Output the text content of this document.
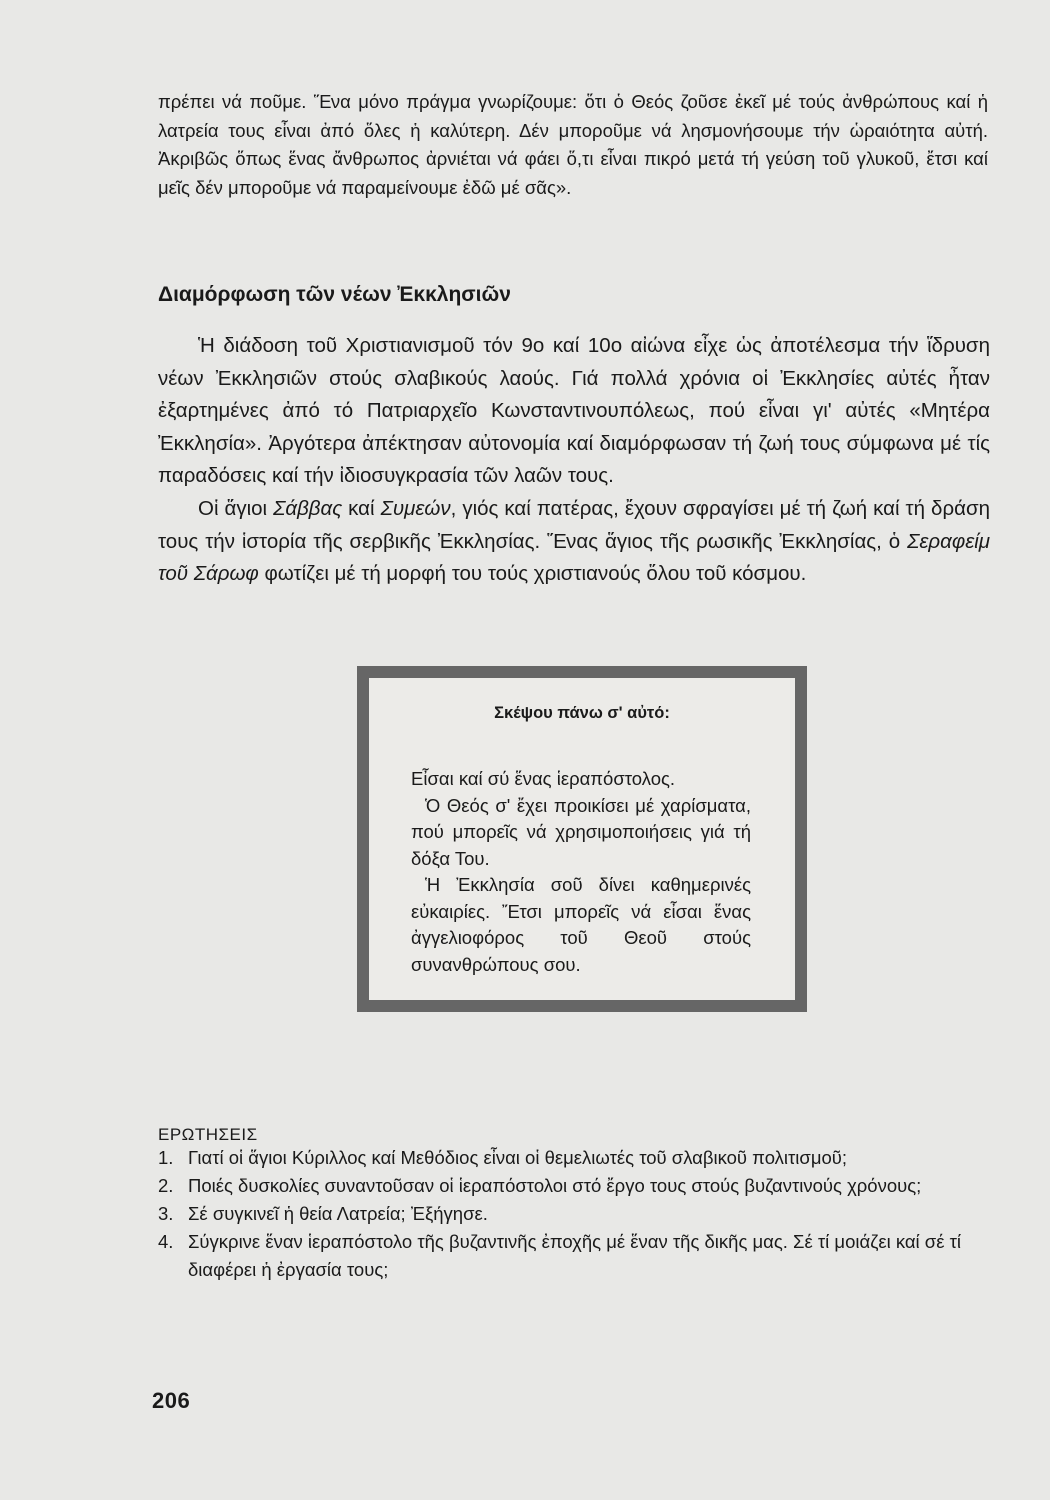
πρέπει νά ποῦμε. Ἕνα μόνο πράγμα γνωρίζουμε: ὅτι ὁ Θεός ζοῦσε ἐκεῖ μέ τούς ἀνθρώπους καί ἡ λατρεία τους εἶναι ἀπό ὅλες ἡ καλύτερη. Δέν μποροῦμε νά λησμονήσουμε τήν ὡραιότητα αὐτή. Ἀκριβῶς ὅπως ἕνας ἄνθρωπος ἀρνιέται νά φάει ὅ,τι εἶναι πικρό μετά τή γεύση τοῦ γλυκοῦ, ἔτσι καί μεῖς δέν μποροῦμε νά παραμείνουμε ἐδῶ μέ σᾶς».

Διαμόρφωση τῶν νέων Ἐκκλησιῶν

Ἡ διάδοση τοῦ Χριστιανισμοῦ τόν 9ο καί 10ο αἰώνα εἶχε ὡς ἀποτέλεσμα τήν ἵδρυση νέων Ἐκκλησιῶν στούς σλαβικούς λαούς. Γιά πολλά χρόνια οἱ Ἐκκλησίες αὐτές ἦταν ἐξαρτημένες ἀπό τό Πατριαρχεῖο Κωνσταντινουπόλεως, πού εἶναι γι' αὐτές «Μητέρα Ἐκκλησία». Ἀργότερα ἀπέκτησαν αὐτονομία καί διαμόρφωσαν τή ζωή τους σύμφωνα μέ τίς παραδόσεις καί τήν ἰδιοσυγκρασία τῶν λαῶν τους.

Οἱ ἅγιοι Σάββας καί Συμεών, γιός καί πατέρας, ἔχουν σφραγίσει μέ τή ζωή καί τή δράση τους τήν ἱστορία τῆς σερβικῆς Ἐκκλησίας. Ἕνας ἅγιος τῆς ρωσικῆς Ἐκκλησίας, ὁ Σεραφείμ τοῦ Σάρωφ φωτίζει μέ τή μορφή του τούς χριστιανούς ὅλου τοῦ κόσμου.

Σκέψου πάνω σ' αὐτό:

Εἶσαι καί σύ ἕνας ἱεραπόστολος.

Ὁ Θεός σ' ἔχει προικίσει μέ χαρίσματα, πού μπορεῖς νά χρησιμοποιήσεις γιά τή δόξα Του.

Ἡ Ἐκκλησία σοῦ δίνει καθημερινές εὐκαιρίες. Ἔτσι μπορεῖς νά εἶσαι ἕνας ἀγγελιοφόρος τοῦ Θεοῦ στούς συνανθρώπους σου.

ΕΡΩΤΗΣΕΙΣ
1. Γιατί οἱ ἅγιοι Κύριλλος καί Μεθόδιος εἶναι οἱ θεμελιωτές τοῦ σλαβικοῦ πολιτισμοῦ;
2. Ποιές δυσκολίες συναντοῦσαν οἱ ἱεραπόστολοι στό ἔργο τους στούς βυζαντινούς χρόνους;
3. Σέ συγκινεῖ ἡ θεία Λατρεία; Ἐξήγησε.
4. Σύγκρινε ἕναν ἱεραπόστολο τῆς βυζαντινῆς ἐποχῆς μέ ἕναν τῆς δικῆς μας. Σέ τί μοιάζει καί σέ τί διαφέρει ἡ ἐργασία τους;
206
